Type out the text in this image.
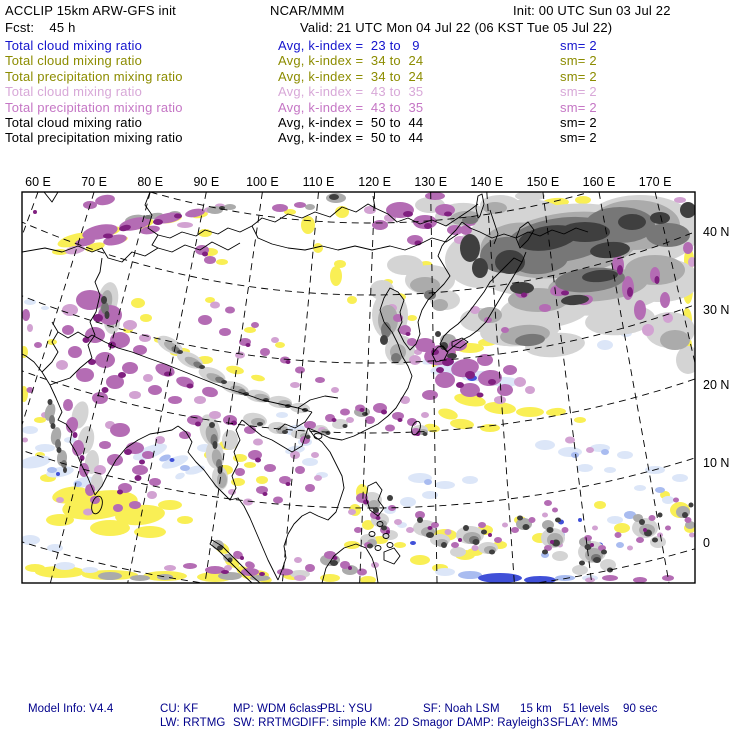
ACCLIP 15km ARW-GFS init	NCAR/MMM	Init: 00 UTC Sun 03 Jul 22
Fcst:    45 h	Valid: 21 UTC Mon 04 Jul 22 (06 KST Tue 05 Jul 22)
Total cloud mixing ratio	Avg, k-index =  23 to   9	sm= 2
Total cloud mixing ratio	Avg, k-index =  34 to  24	sm= 2
Total precipitation mixing ratio	Avg, k-index =  34 to  24	sm= 2
Total cloud mixing ratio	Avg, k-index =  43 to  35	sm= 2
Total precipitation mixing ratio	Avg, k-index =  43 to  35	sm= 2
Total cloud mixing ratio	Avg, k-index =  50 to  44	sm= 2
Total precipitation mixing ratio	Avg, k-index =  50 to  44	sm= 2
60 E 70 E 80 E 90 E 100 E 110 E 120 E 130 E 140 E 150 E 160 E 170 E
40 N
30 N
20 N
10 N
0
Model Info: V4.4	CU: KF	MP: WDM 6class
PBL: YSU	SF: Noah LSM 15 km 51 levels 90 sec
LW: RRTMG SW: RRTMG DIFF: simple KM: 2D Smagor DAMP: Rayleigh3 SFLAY: MM5
